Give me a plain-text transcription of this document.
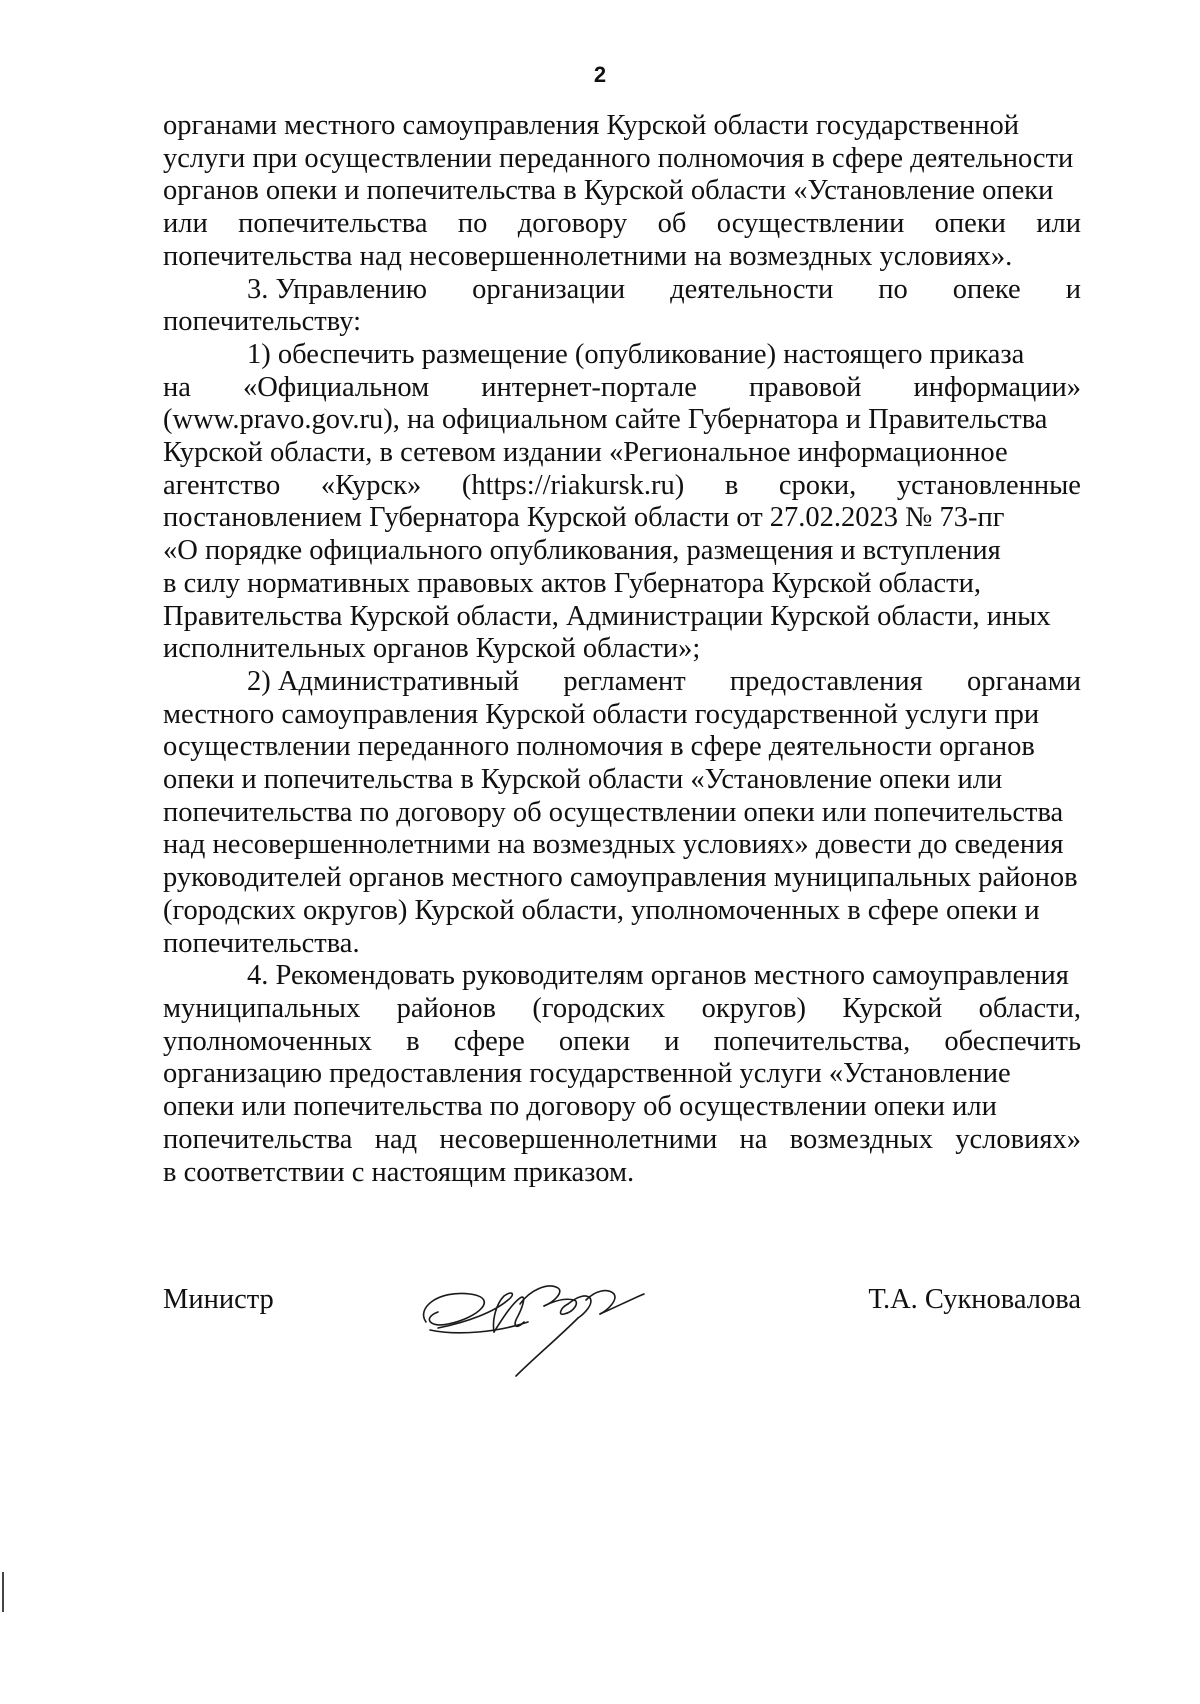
2
органами местного самоуправления Курской области государственной
услуги при осуществлении переданного полномочия в сфере деятельности
органов опеки и попечительства в Курской области «Установление опеки
или попечительства по договору об осуществлении опеки или
попечительства над несовершеннолетними на возмездных условиях».
3. Управлению организации деятельности по опеке и
попечительству:
1) обеспечить размещение (опубликование) настоящего приказа
на «Официальном интернет-портале правовой информации»
(www.pravo.gov.ru), на официальном сайте Губернатора и Правительства
Курской области, в сетевом издании «Региональное информационное
агентство «Курск» (https://riakursk.ru) в сроки, установленные
постановлением Губернатора Курской области от 27.02.2023 № 73-пг
«О порядке официального опубликования, размещения и вступления
в силу нормативных правовых актов Губернатора Курской области,
Правительства Курской области, Администрации Курской области, иных
исполнительных органов Курской области»;
2) Административный регламент предоставления органами
местного самоуправления Курской области государственной услуги при
осуществлении переданного полномочия в сфере деятельности органов
опеки и попечительства в Курской области «Установление опеки или
попечительства по договору об осуществлении опеки или попечительства
над несовершеннолетними на возмездных условиях» довести до сведения
руководителей органов местного самоуправления муниципальных районов
(городских округов) Курской области, уполномоченных в сфере опеки и
попечительства.
4. Рекомендовать руководителям органов местного самоуправления
муниципальных районов (городских округов) Курской области,
уполномоченных в сфере опеки и попечительства, обеспечить
организацию предоставления государственной услуги «Установление
опеки или попечительства по договору об осуществлении опеки или
попечительства над несовершеннолетними на возмездных условиях»
в соответствии с настоящим приказом.
Министр	Т.А. Сукновалова
